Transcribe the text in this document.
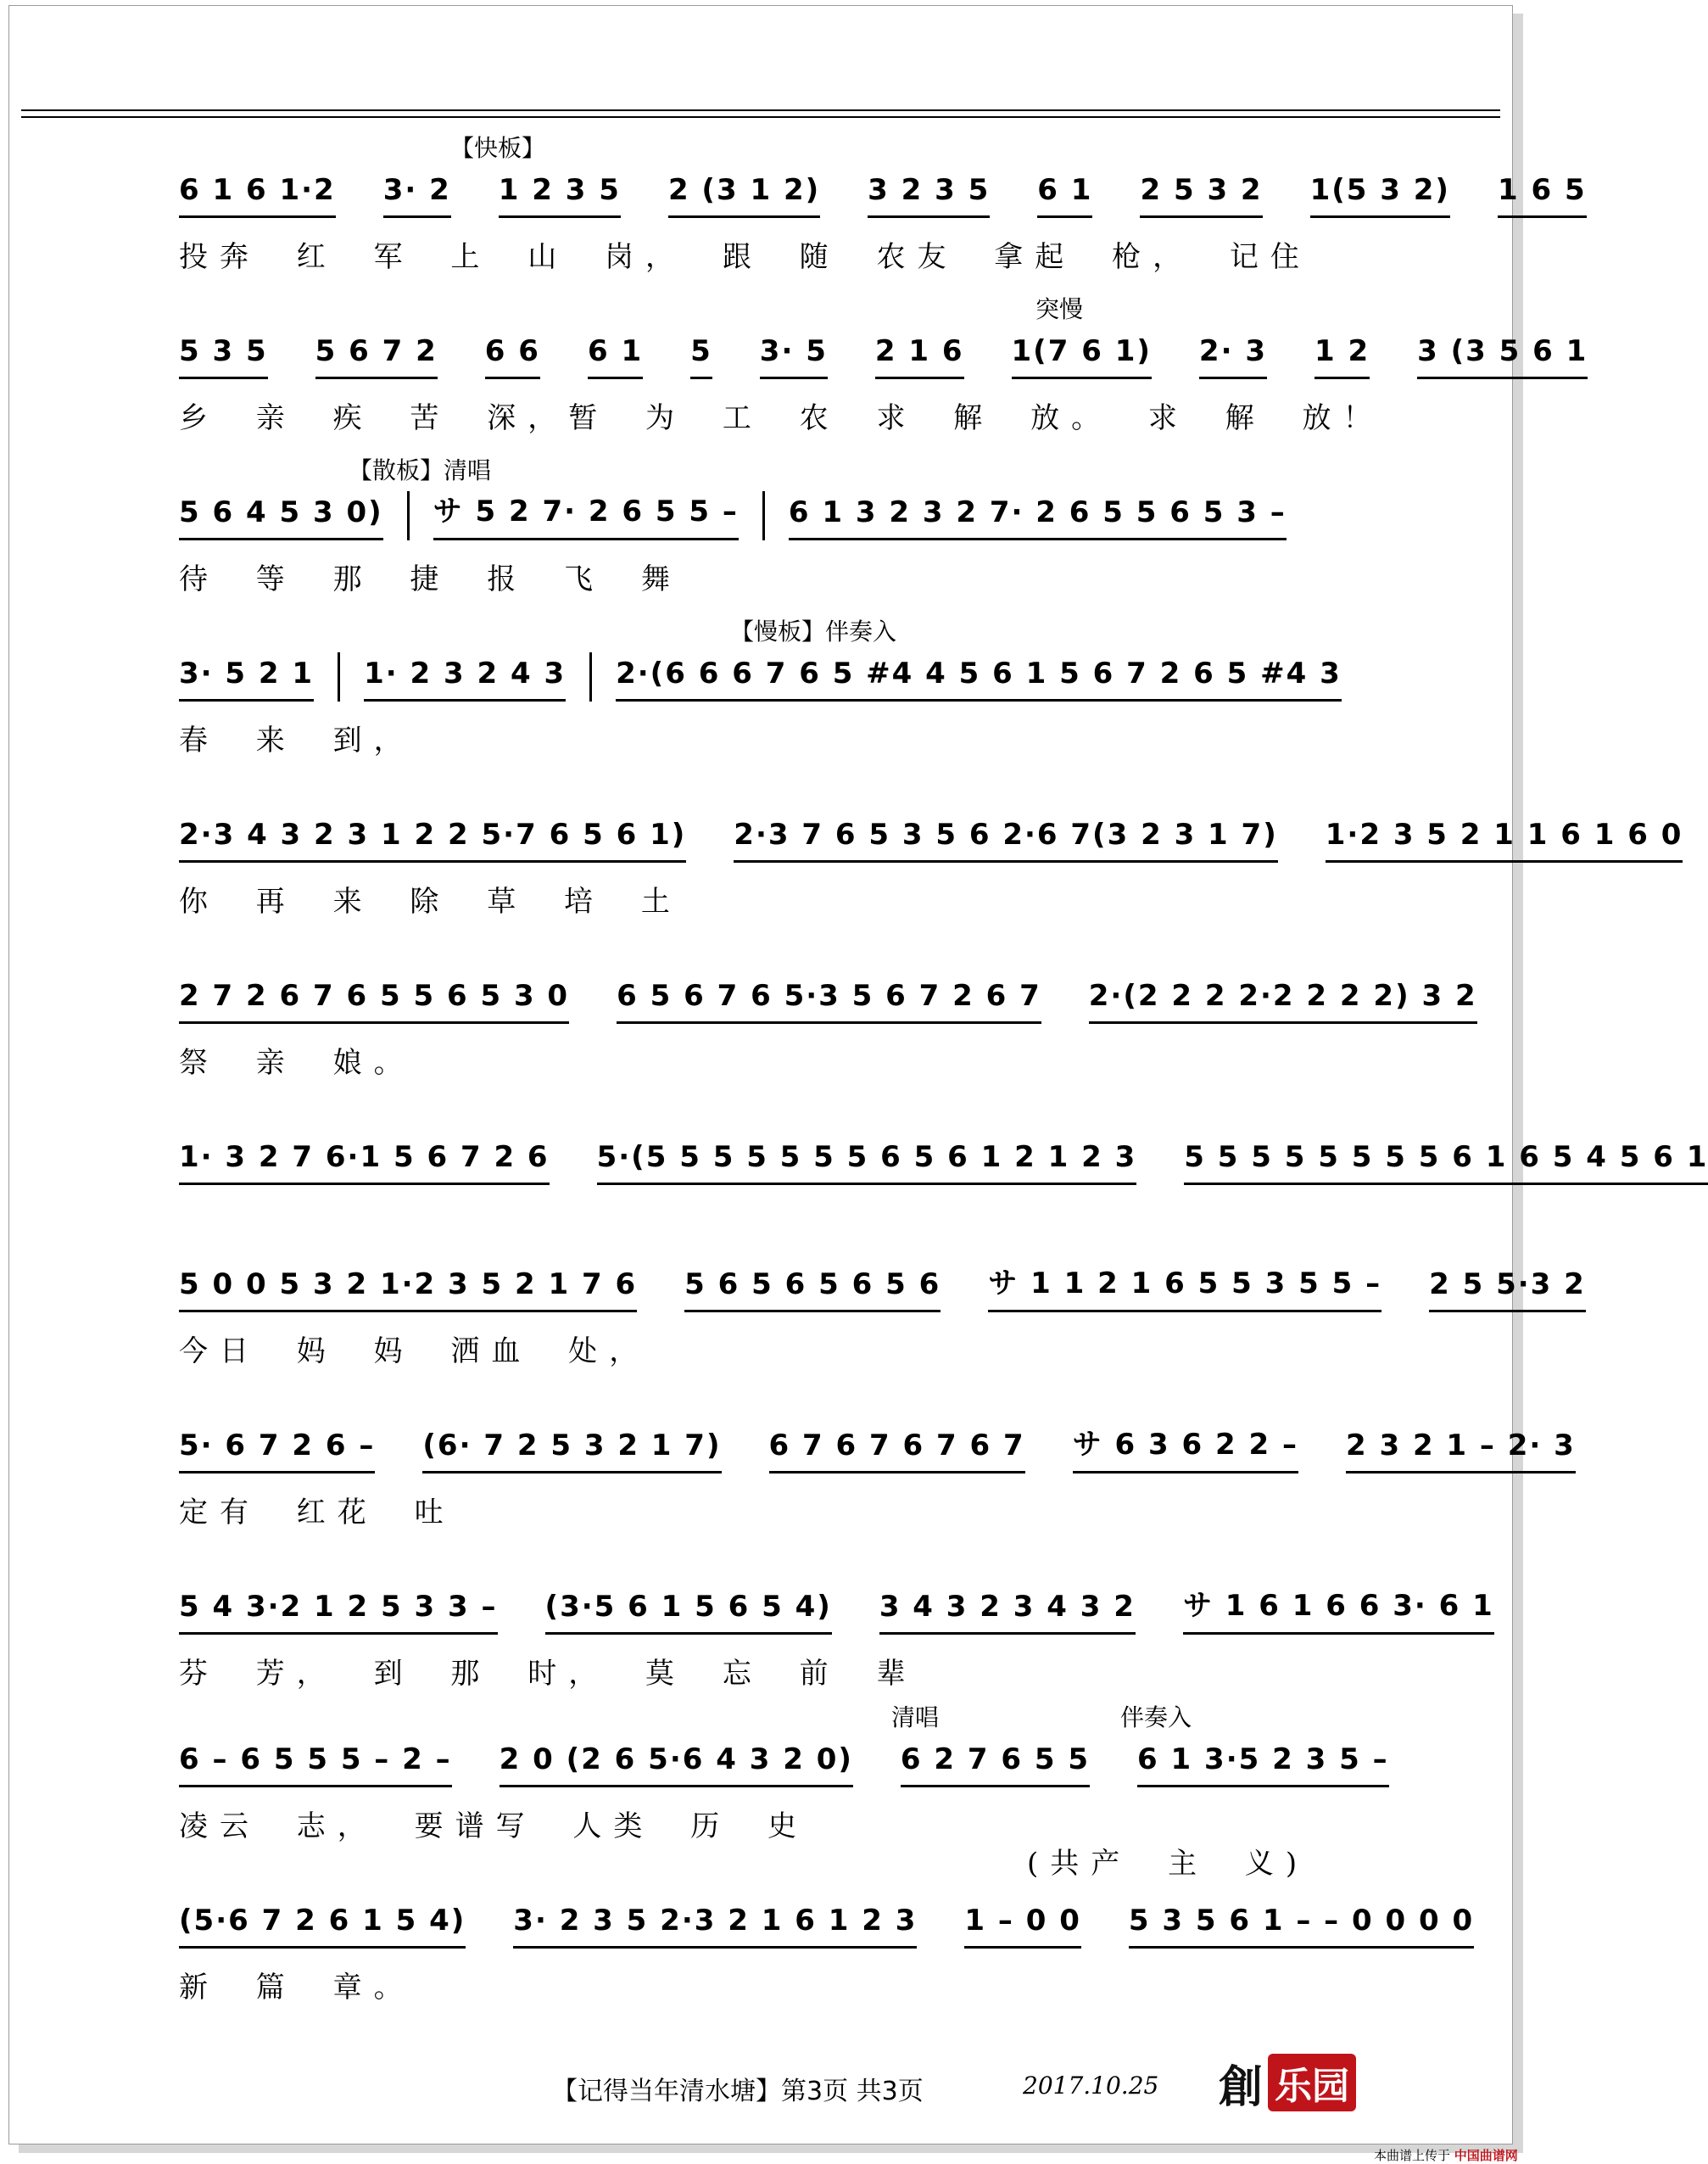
【快板】
6 1 6 1·2 3· 2 1 2 3 5 2 (3 1 2) 3 2 3 5 6 1 2 5 3 2 1(5 3 2) 1 6 5
投奔 红 军 上 山 岗， 跟 随 农友 拿起 枪， 记住
突慢
5 3 5 5 6 7 2 6 6 6 1 5 3· 5 2 1 6 1(7 6 1) 2· 3 1 2 3 (3 5 6 1
乡 亲 疾 苦 深，暂 为 工 农 求 解 放。 求 解 放！
【散板】清唱
5 6 4 5 3 0) サ 5 2 7· 2 6 5 5 – 6 1 3 2 3 2 7· 2 6 5 5 6 5 3 –
待 等 那 捷 报 飞 舞
【慢板】伴奏入
3· 5 2 1 1· 2 3 2 4 3 2·(6 6 6 7 6 5 #4 4 5 6 1 5 6 7 2 6 5 #4 3
春 来 到，
2·3 4 3 2 3 1 2 2 5·7 6 5 6 1) 2·3 7 6 5 3 5 6 2·6 7(3 2 3 1 7) 1·2 3 5 2 1 1 6 1 6 0
你 再 来 除 草 培 土
2 7 2 6 7 6 5 5 6 5 3 0 6 5 6 7 6 5·3 5 6 7 2 6 7 2·(2 2 2 2·2 2 2 2) 3 2
祭 亲 娘。
1· 3 2 7 6·1 5 6 7 2 6 5·(5 5 5 5 5 5 5 6 5 6 1 2 1 2 3 5 5 5 5 5 5 5 5 6 1 6 5 4 5 6 1
5 0 0 5 3 2 1·2 3 5 2 1 7 6 5 6 5 6 5 6 5 6 サ 1 1 2 1 6 5 5 3 5 5 – 2 5 5·3 2
今日 妈 妈 洒血 处，
5· 6 7 2 6 – (6· 7 2 5 3 2 1 7) 6 7 6 7 6 7 6 7 サ 6 3 6 2 2 – 2 3 2 1 – 2· 3
定有 红花 吐
5 4 3·2 1 2 5 3 3 – (3·5 6 1 5 6 5 4) 3 4 3 2 3 4 3 2 サ 1 6 1 6 6 3· 6 1
芬 芳， 到 那 时， 莫 忘 前 辈
清唱	伴奏入
6 – 6 5 5 5 – 2 – 2 0 (2 6 5·6 4 3 2 0) 6 2 7 6 5 5 6 1 3·5 2 3 5 –
凌云 志， 要谱写 人类 历 史
(共产 主 义)
(5·6 7 2 6 1 5 4) 3· 2 3 5 2·3 2 1 6 1 2 3 1 – 0 0 5 3 5 6 1 – – 0 0 0 0
新 篇 章。
【记得当年清水塘】第3页 共3页	2017.10.25 創 乐园
本曲谱上传于 中国曲谱网
